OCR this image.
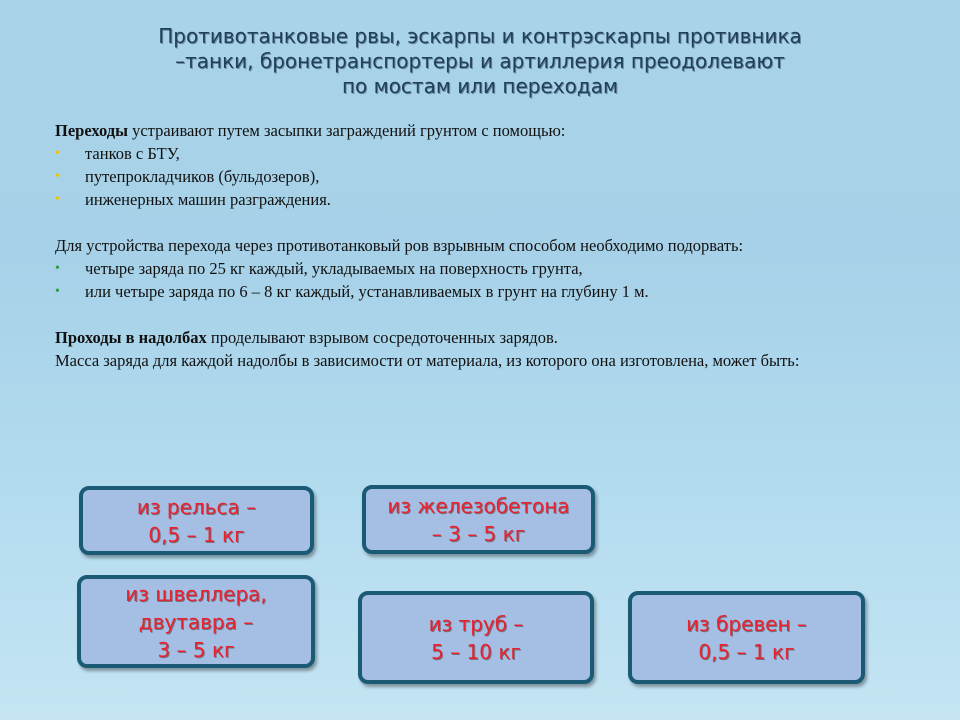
Противотанковые рвы, эскарпы и контрэскарпы противника
–танки, бронетранспортеры и артиллерия преодолевают
по мостам или переходам

Переходы устраивают путем засыпки заграждений грунтом с помощью:

• танков с БТУ,
• путепрокладчиков (бульдозеров),
• инженерных машин разграждения.

Для устройства перехода через противотанковый ров взрывным способом необходимо подорвать:

• четыре заряда по 25 кг каждый, укладываемых на поверхность грунта,
• или четыре заряда по 6 – 8 кг каждый, устанавливаемых в грунт на глубину 1 м.

Проходы в надолбах проделывают взрывом сосредоточенных зарядов.

Масса заряда для каждой надолбы в зависимости от материала, из которого она изготовлена, может быть:

из рельса –
0,5 – 1 кг
из железобетона
– 3 – 5 кг
из швеллера,
двутавра –
3 – 5 кг
из труб –
5 – 10 кг
из бревен –
0,5 – 1 кг
